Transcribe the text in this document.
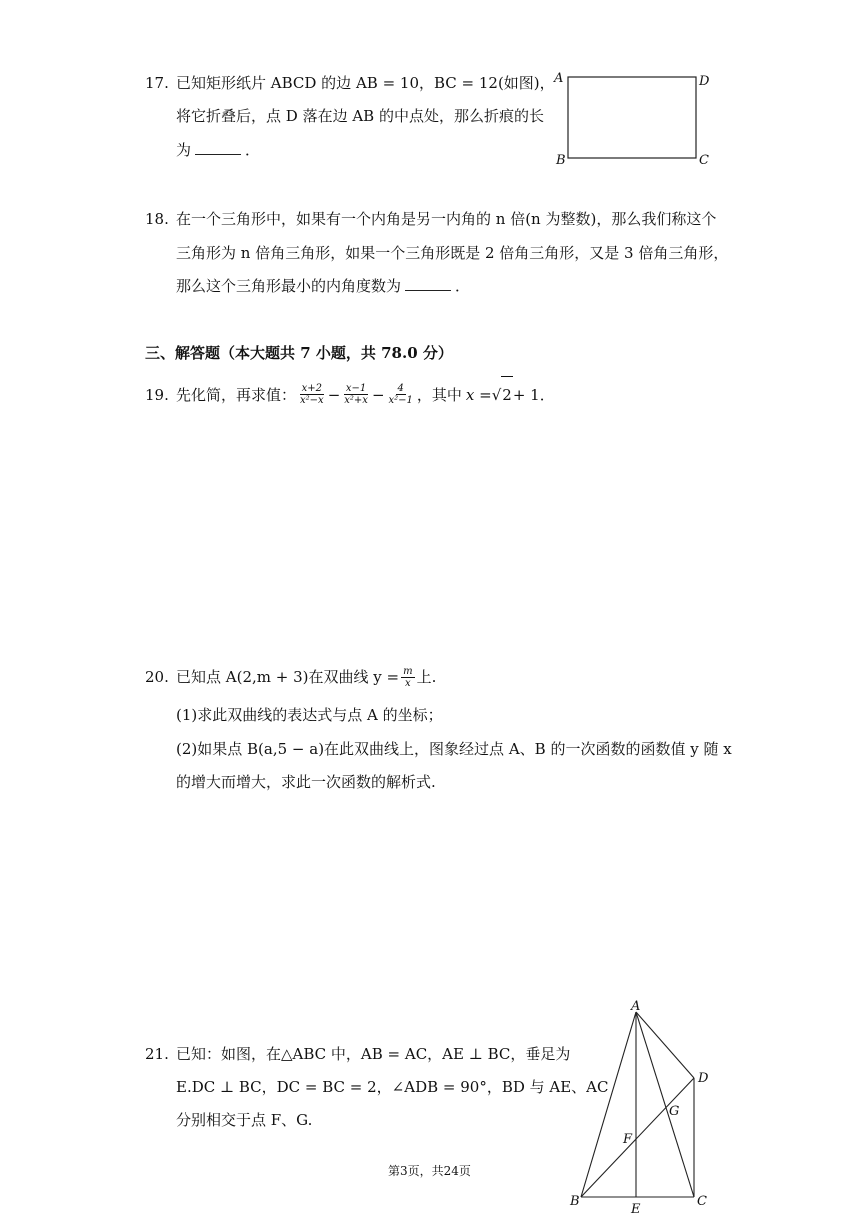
17. 已知矩形纸片 ABCD 的边 AB = 10，BC = 12(如图)，
将它折叠后，点 D 落在边 AB 的中点处，那么折痕的长
为	．
A	D
B	C
18. 在一个三角形中，如果有一个内角是另一内角的 n 倍(n 为整数)，那么我们称这个
三角形为 n 倍角三角形，如果一个三角形既是 2 倍角三角形，又是 3 倍角三角形，
那么这个三角形最小的内角度数为	．
三、解答题（本大题共 7 小题，共 78.0 分）
19. 先化简，再求值： $\frac{x+2}{\text{x²−x}} - \frac{x-1}{\text{x²+x}} - \frac{4}{\text{x²−1}}$ ，其中 x = √ 2 + 1．
20. 已知点 A(2,m + 3)在双曲线 $y = \frac{m}{x}$ 上.
(1)求此双曲线的表达式与点 A 的坐标；
(2)如果点 B(a,5 − a)在此双曲线上，图象经过点 A、B 的一次函数的函数值 y 随 x
的增大而增大，求此一次函数的解析式.
21. 已知：如图，在△ABC 中，AB = AC，AE ⊥ BC，垂足为
E.DC ⊥ BC，DC = BC = 2，∠ADB = 90°，BD 与 AE、AC
分别相交于点 F、G.
A
D
G
F
B
E
C
第3页，共24页
